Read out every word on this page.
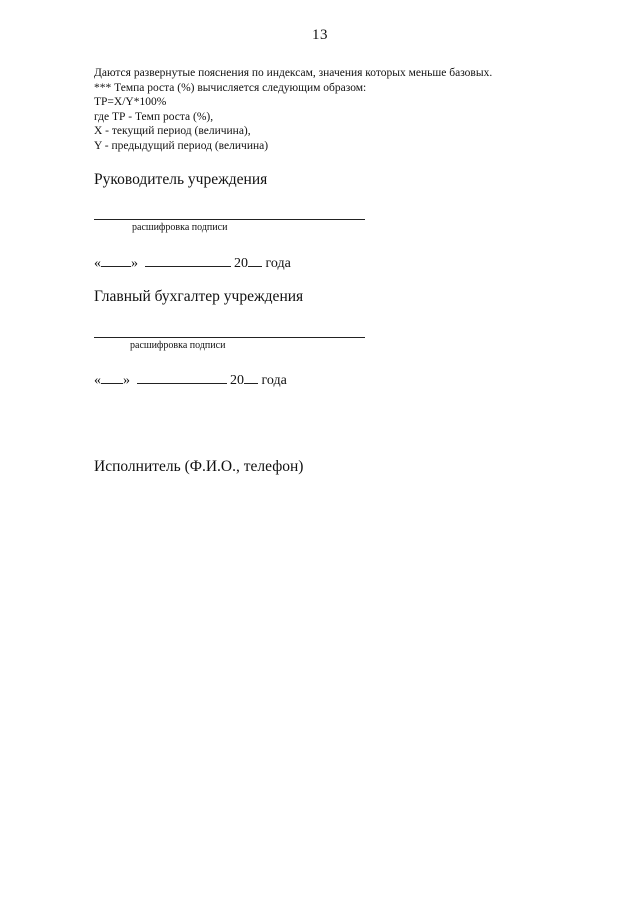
13
Даются развернутые пояснения по индексам, значения которых меньше базовых.
*** Темпа роста (%) вычисляется следующим образом:
ТР=X/Y*100%
где ТР - Темп роста (%),
X - текущий период (величина),
Y - предыдущий период (величина)
Руководитель учреждения
расшифровка подписи
« »	20 года
Главный бухгалтер учреждения
расшифровка подписи
« »	20 года
Исполнитель (Ф.И.О., телефон)
